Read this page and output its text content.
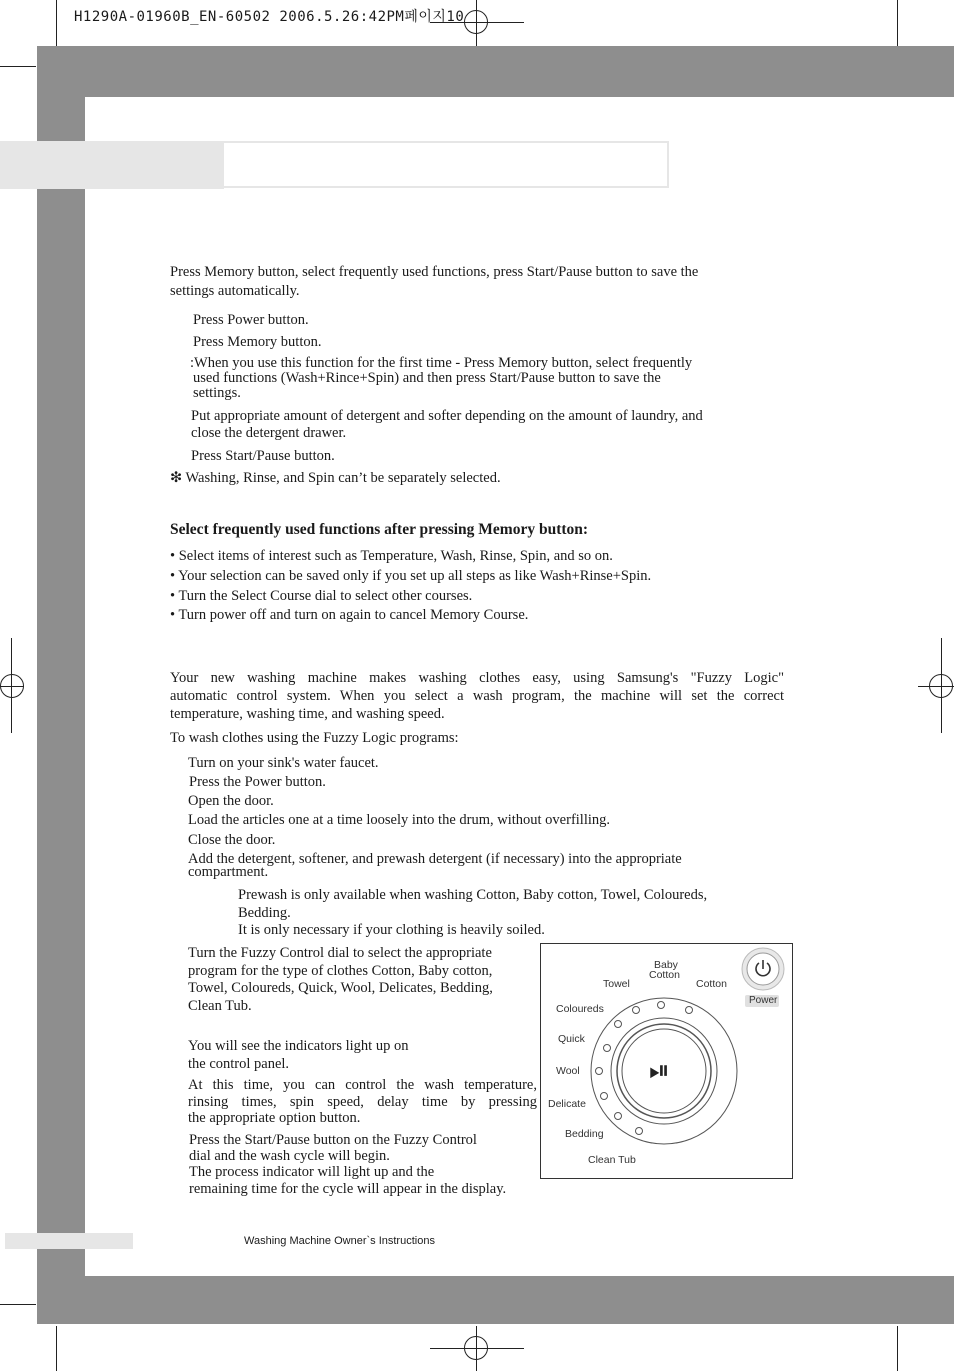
H1290A-01960B_EN-60502 2006.5.26:42PM페이지10
Press Memory button, select frequently used functions, press Start/Pause button to save the
settings automatically.
Press Power button.
Press Memory button.
:When you use this function for the first time - Press Memory button, select frequently
used functions (Wash+Rince+Spin) and then press Start/Pause button to save the
settings.
Put appropriate amount of detergent and softer depending on the amount of laundry, and
close the detergent drawer.
Press Start/Pause button.
❇ Washing, Rinse, and Spin can’t be separately selected.
Select frequently used functions after pressing Memory button:
• Select items of interest such as Temperature, Wash, Rinse, Spin, and so on.
• Your selection can be saved only if you set up all steps as like Wash+Rinse+Spin.
• Turn the Select Course dial to select other courses.
• Turn power off and turn on again to cancel Memory Course.
Your new washing machine makes washing clothes easy, using Samsung's "Fuzzy Logic"
automatic control system. When you select a wash program, the machine will set the correct
temperature, washing time, and washing speed.
To wash clothes using the Fuzzy Logic programs:
Turn on your sink's water faucet.
Press the Power button.
Open the door.
Load the articles one at a time loosely into the drum, without overfilling.
Close the door.
Add the detergent, softener, and prewash detergent (if necessary) into the appropriate
compartment.
Prewash is only available when washing Cotton, Baby cotton, Towel, Coloureds,
Bedding.
It is only necessary if your clothing is heavily soiled.
Turn the Fuzzy Control dial to select the appropriate
program for the type of clothes Cotton, Baby cotton,
Towel, Coloureds, Quick, Wool, Delicates, Bedding,
Clean Tub.
You will see the indicators light up on
the control panel.
At this time, you can control the wash temperature,
rinsing times, spin speed, delay time by pressing
the appropriate option button.
Press the Start/Pause button on the Fuzzy Control
dial and the wash cycle will begin.
The process indicator will light up and the
remaining time for the cycle will appear in the display.
⏯
Power
Baby
Cotton
Towel	Cotton
Coloureds
Quick
Wool
Delicate
Bedding
Clean Tub
Washing Machine Owner`s Instructions
